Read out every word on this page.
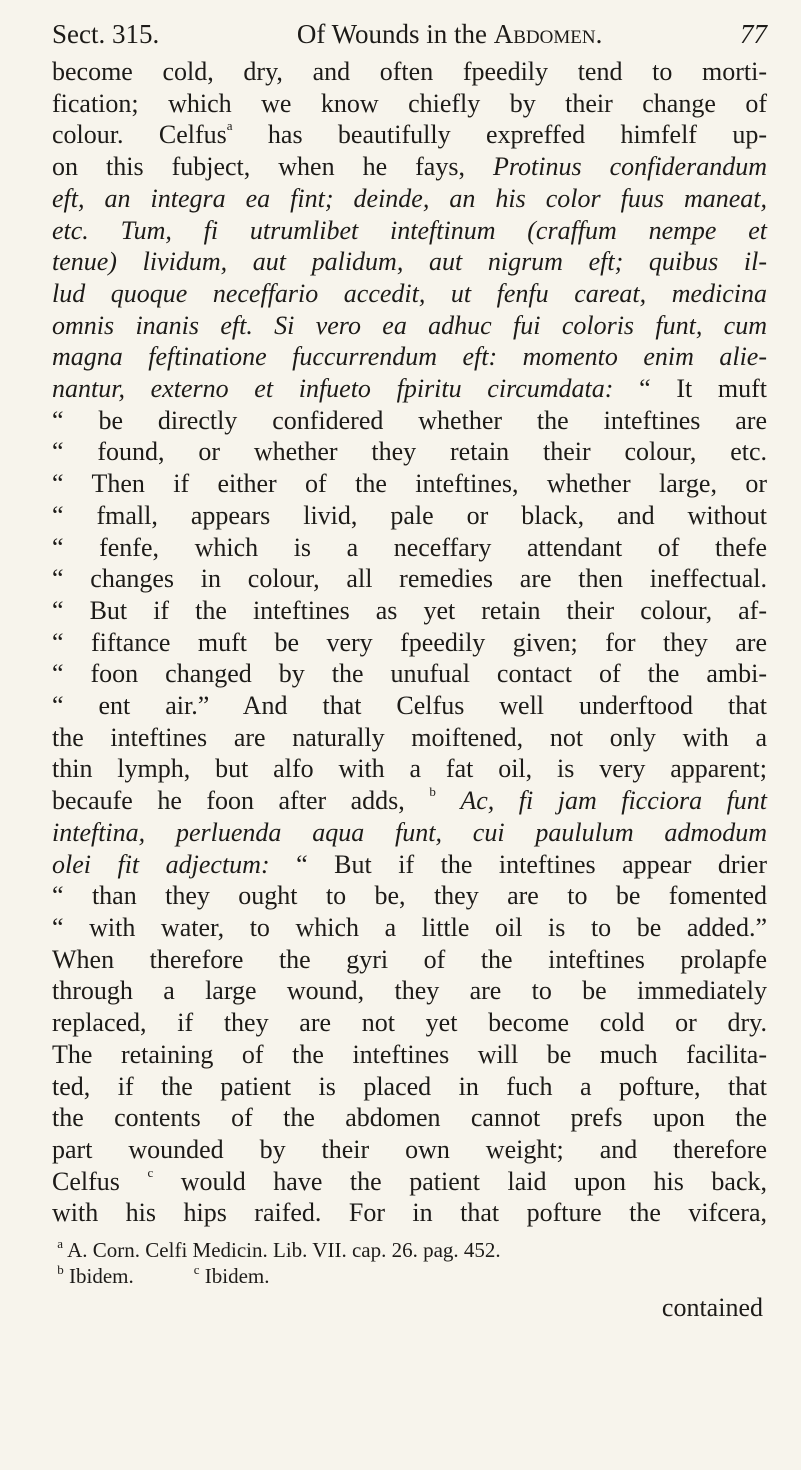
Sect. 315.	Of Wounds in the Abdomen.	77
become cold, dry, and often fpeedily tend to morti-
fication; which we know chiefly by their change of
colour. Celfus$^a$ has beautifully expreffed himfelf up-
on this fubject, when he fays, Protinus confiderandum
eft, an integra ea fint; deinde, an his color fuus maneat,
etc. Tum, fi utrumlibet inteftinum (craffum nempe et
tenue) lividum, aut palidum, aut nigrum eft; quibus il-
lud quoque neceffario accedit, ut fenfu careat, medicina
omnis inanis eft. Si vero ea adhuc fui coloris funt, cum
magna feftinatione fuccurrendum eft: momento enim alie-
nantur, externo et infueto fpiritu circumdata: “ It muft
“ be directly confidered whether the inteftines are
“ found, or whether they retain their colour, etc.
“ Then if either of the inteftines, whether large, or
“ fmall, appears livid, pale or black, and without
“ fenfe, which is a neceffary attendant of thefe
“ changes in colour, all remedies are then ineffectual.
“ But if the inteftines as yet retain their colour, af-
“ fiftance muft be very fpeedily given; for they are
“ foon changed by the unufual contact of the ambi-
“ ent air.” And that Celfus well underftood that
the inteftines are naturally moiftened, not only with a
thin lymph, but alfo with a fat oil, is very apparent;
becaufe he foon after adds, $^b$ Ac, fi jam ficciora funt
inteftina, perluenda aqua funt, cui paululum admodum
olei fit adjectum: “ But if the inteftines appear drier
“ than they ought to be, they are to be fomented
“ with water, to which a little oil is to be added.”
When therefore the gyri of the inteftines prolapfe
through a large wound, they are to be immediately
replaced, if they are not yet become cold or dry.
The retaining of the inteftines will be much facilita-
ted, if the patient is placed in fuch a pofture, that
the contents of the abdomen cannot prefs upon the
part wounded by their own weight; and therefore
Celfus $^c$ would have the patient laid upon his back,
with his hips raifed. For in that pofture the vifcera,
$^a$ A. Corn. Celfi Medicin. Lib. VII. cap. 26. pag. 452.
$^b$ Ibidem.	$^c$ Ibidem.
contained
